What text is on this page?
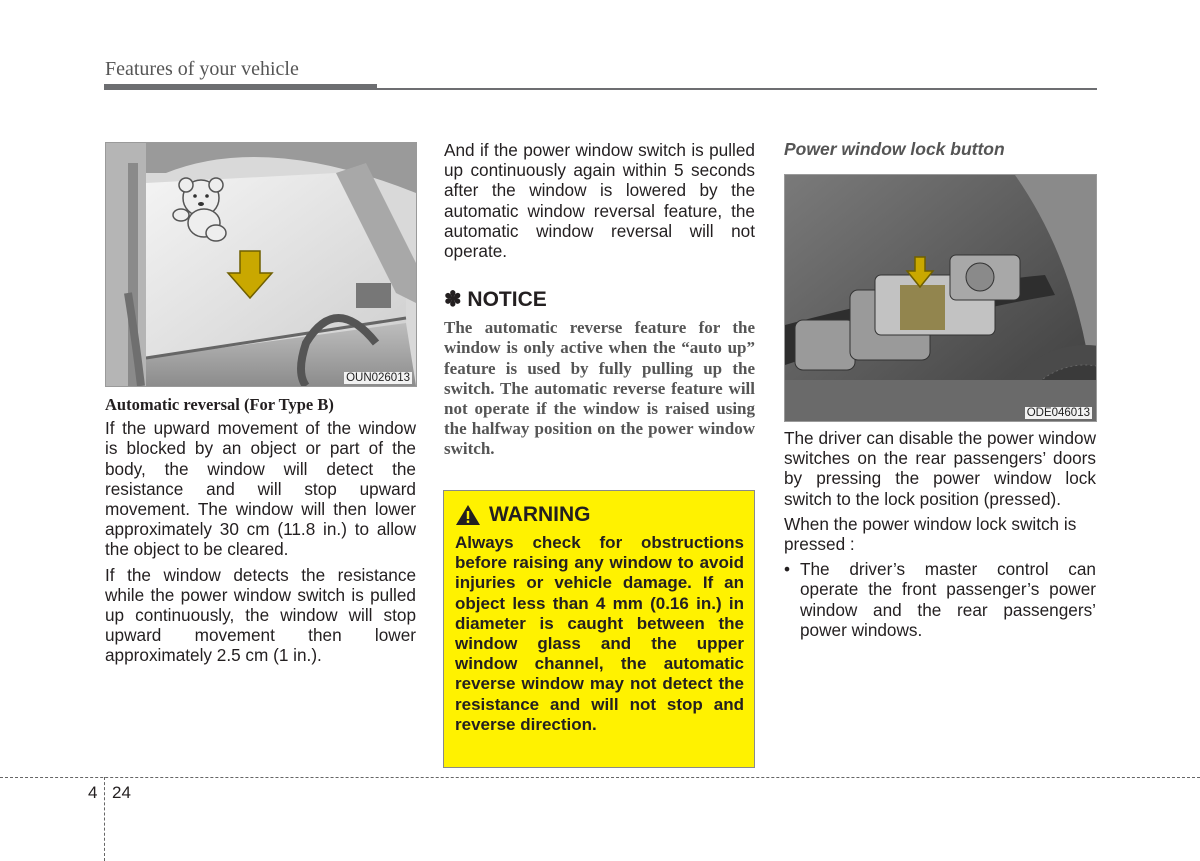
Features of your vehicle
OUN026013

Automatic reversal (For Type B)

If the upward movement of the window is blocked by an object or part of the body, the window will detect the resistance and will stop upward movement. The window will then lower approximately 30 cm (11.8 in.) to allow the object to be cleared.

If the window detects the resistance while the power window switch is pulled up continuously, the window will stop upward movement then lower approximately 2.5 cm (1 in.).

And if the power window switch is pulled up continuously again within 5 seconds after the window is lowered by the automatic window reversal feature, the automatic window reversal will not operate.

✽ NOTICE
The automatic reverse feature for the window is only active when the “auto up” feature is used by fully pulling up the switch. The automatic reverse feature will not operate if the window is raised using the halfway position on the power window switch.
WARNING
Always check for obstructions before raising any window to avoid injuries or vehicle damage. If an object less than 4 mm (0.16 in.) in diameter is caught between the window glass and the upper window channel, the automatic reverse window may not detect the resistance and will not stop and reverse direction.
Power window lock button
ODE046013

The driver can disable the power window switches on the rear passengers’ doors by pressing the power window lock switch to the lock position (pressed).

When the power window lock switch is pressed :

• The driver’s master control can operate the front passenger’s power window and the rear passengers’ power windows.
4 24
